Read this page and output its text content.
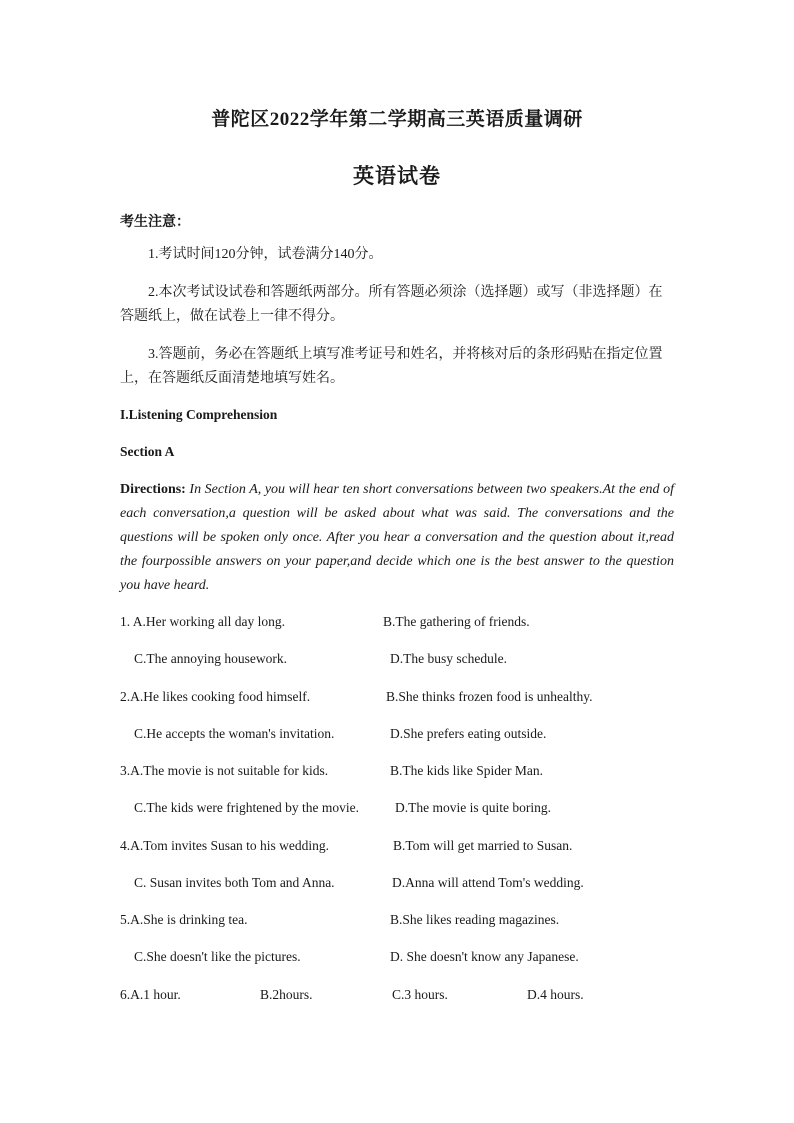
普陀区2022学年第二学期高三英语质量调研
英语试卷
考生注意：
1.考试时间120分钟，试卷满分140分。
2.本次考试设试卷和答题纸两部分。所有答题必须涂（选择题）或写（非选择题）在答题纸上，做在试卷上一律不得分。
3.答题前，务必在答题纸上填写准考证号和姓名，并将核对后的条形码贴在指定位置上，在答题纸反面清楚地填写姓名。
I.Listening Comprehension
Section A
Directions: In Section A, you will hear ten short conversations between two speakers.At the end of each conversation,a question will be asked about what was said. The conversations and the questions will be spoken only once. After you hear a conversation and the question about it,read the fourpossible answers on your paper,and decide which one is the best answer to the question you have heard.
1. A.Her working all day long.	B.The gathering of friends.
C.The annoying housework.	D.The busy schedule.
2.A.He likes cooking food himself.	B.She thinks frozen food is unhealthy.
C.He accepts the woman's invitation.	D.She prefers eating outside.
3.A.The movie is not suitable for kids.	B.The kids like Spider Man.
C.The kids were frightened by the movie.	D.The movie is quite boring.
4.A.Tom invites Susan to his wedding.	B.Tom will get married to Susan.
C. Susan invites both Tom and Anna.	D.Anna will attend Tom's wedding.
5.A.She is drinking tea.	B.She likes reading magazines.
C.She doesn't like the pictures.	D. She doesn't know any Japanese.
6.A.1 hour.	B.2hours.	C.3 hours.	D.4 hours.
